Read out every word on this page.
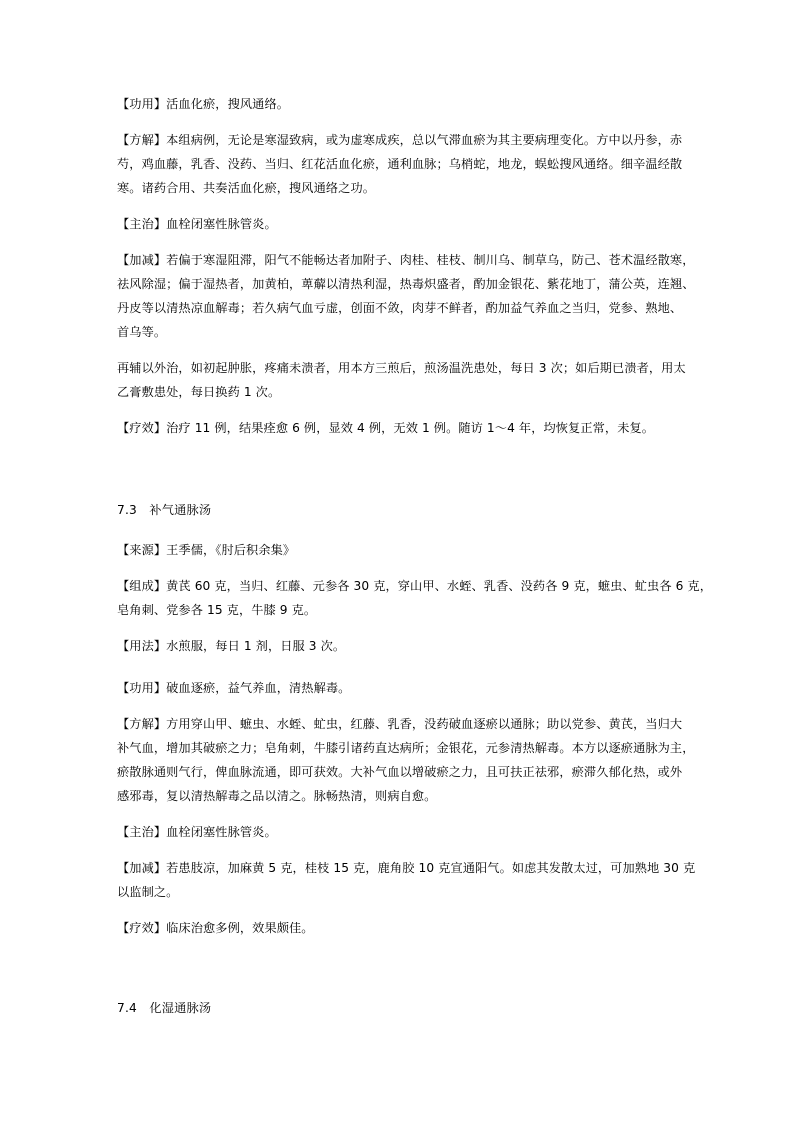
【功用】活血化瘀，搜风通络。

【方解】本组病例，无论是寒湿致病，或为虚寒成疾，总以气滞血瘀为其主要病理变化。方中以丹参，赤

芍，鸡血藤，乳香、没药、当归、红花活血化瘀，通利血脉；乌梢蛇，地龙，蜈蚣搜风通络。细辛温经散

寒。诸药合用、共奏活血化瘀，搜风通络之功。

【主治】血栓闭塞性脉管炎。

【加减】若偏于寒湿阻滞，阳气不能畅达者加附子、肉桂、桂枝、制川乌、制草乌，防己、苍术温经散寒，

祛风除湿；偏于湿热者，加黄柏，萆薢以清热利湿，热毒炽盛者，酌加金银花、紫花地丁，蒲公英，连翘、

丹皮等以清热凉血解毒；若久病气血亏虚，创面不敛，肉芽不鲜者，酌加益气养血之当归，党参、熟地、

首乌等。

再辅以外治，如初起肿胀，疼痛未溃者，用本方三煎后，煎汤温洗患处，每日 3 次；如后期已溃者，用太

乙膏敷患处，每日换药 1 次。

【疗效】治疗 11 例，结果痊愈 6 例，显效 4 例，无效 1 例。随访 1～4 年，均恢复正常，未复。

7.3　补气通脉汤

【来源】王季儒，《肘后积余集》

【组成】黄芪 60 克，当归、红藤、元参各 30 克，穿山甲、水蛭、乳香、没药各 9 克，蟅虫、虻虫各 6 克，

皂角刺、党参各 15 克，牛膝 9 克。

【用法】水煎服，每日 1 剂，日服 3 次。

【功用】破血逐瘀，益气养血，清热解毒。

【方解】方用穿山甲、蟅虫、水蛭、虻虫，红藤、乳香，没药破血逐瘀以通脉；助以党参、黄芪，当归大

补气血，增加其破瘀之力；皂角刺，牛膝引诸药直达病所；金银花，元参清热解毒。本方以逐瘀通脉为主，

瘀散脉通则气行，俾血脉流通，即可获效。大补气血以增破瘀之力，且可扶正祛邪，瘀滞久郁化热，或外

感邪毒，复以清热解毒之品以清之。脉畅热清，则病自愈。

【主治】血栓闭塞性脉管炎。

【加减】若患肢凉，加麻黄 5 克，桂枝 15 克，鹿角胶 10 克宣通阳气。如虑其发散太过，可加熟地 30 克

以监制之。

【疗效】临床治愈多例，效果颇佳。

7.4　化湿通脉汤
